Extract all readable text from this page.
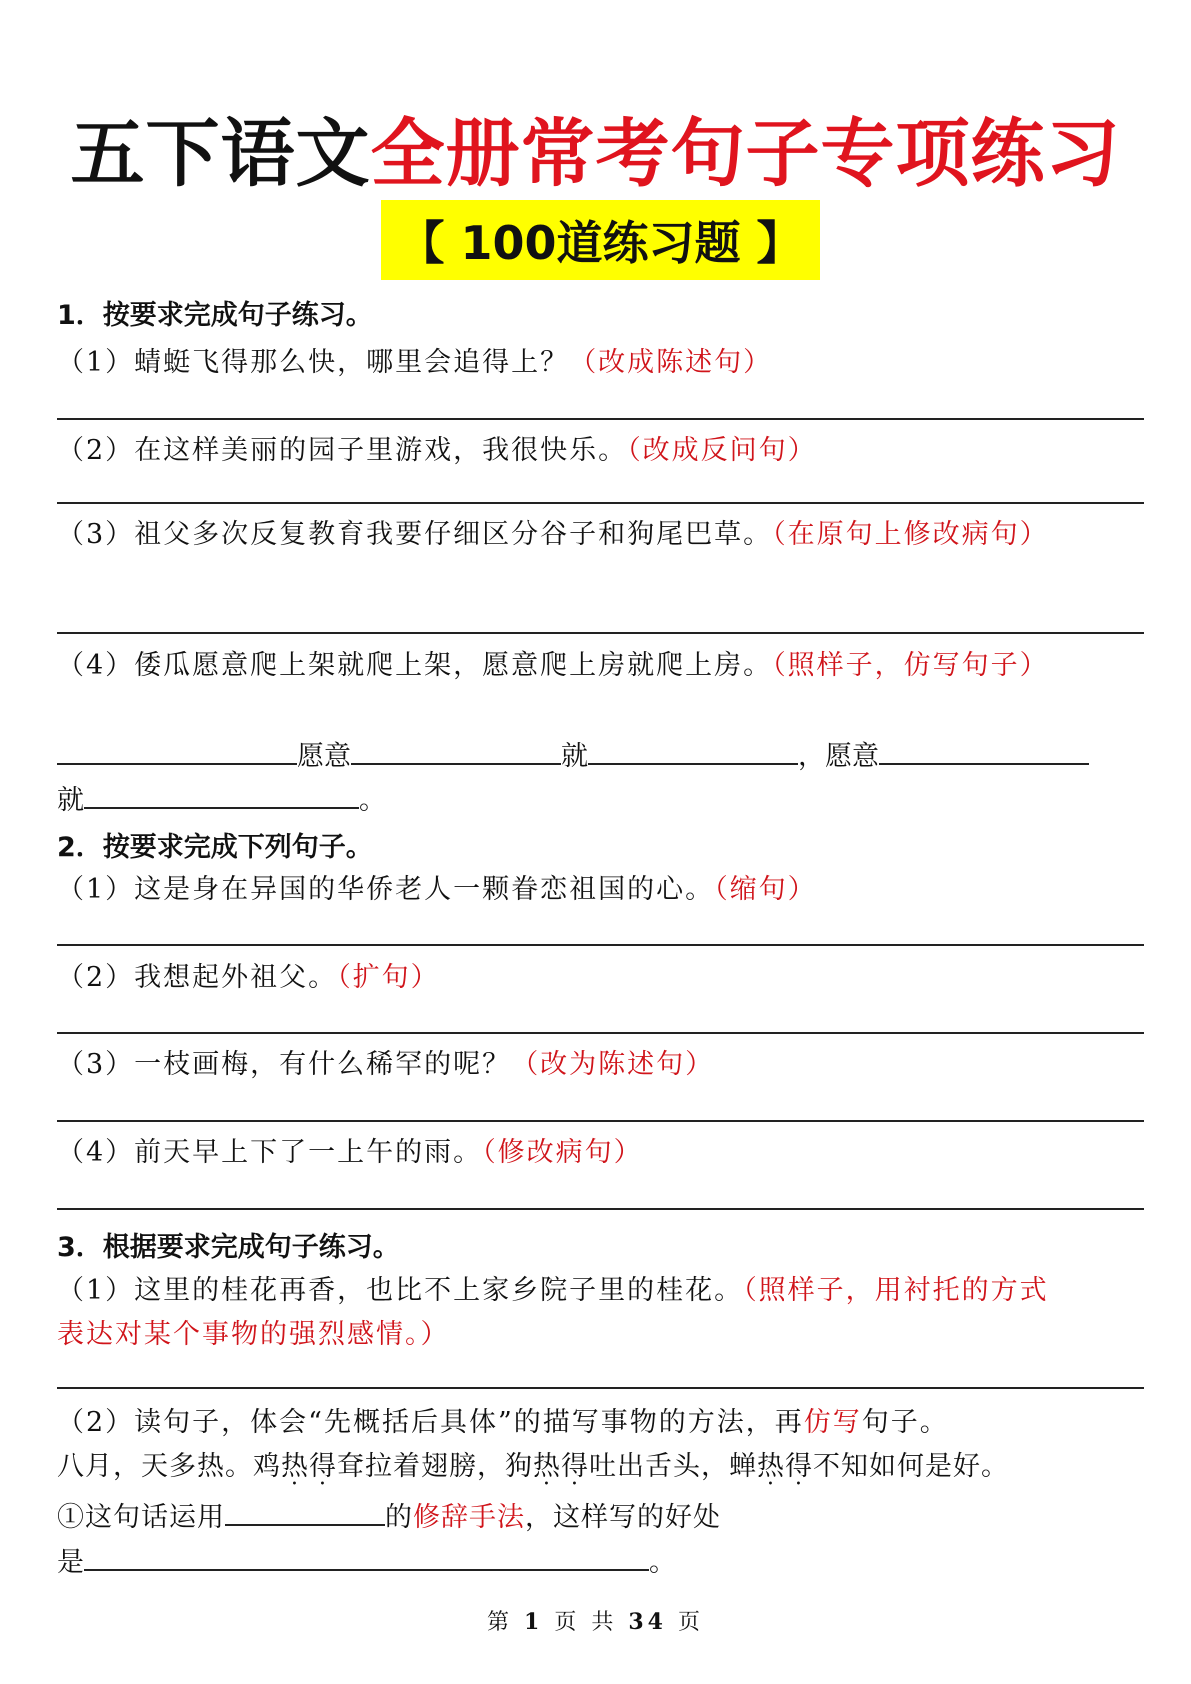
五下语文全册常考句子专项练习
【 100道练习题 】
1．按要求完成句子练习。
（1）蜻蜓飞得那么快，哪里会追得上？（改成陈述句）
（2）在这样美丽的园子里游戏，我很快乐。（改成反问句）
（3）祖父多次反复教育我要仔细区分谷子和狗尾巴草。（在原句上修改病句）
（4）倭瓜愿意爬上架就爬上架，愿意爬上房就爬上房。（照样子，仿写句子）
愿意	就	，愿意
就	。
2．按要求完成下列句子。
（1）这是身在异国的华侨老人一颗眷恋祖国的心。（缩句）
（2）我想起外祖父。（扩句）
（3）一枝画梅，有什么稀罕的呢？（改为陈述句）
（4）前天早上下了一上午的雨。（修改病句）
3．根据要求完成句子练习。
（1）这里的桂花再香，也比不上家乡院子里的桂花。（照样子，用衬托的方式
表达对某个事物的强烈感情。）
（2）读句子，体会“先概括后具体”的描写事物的方法，再仿写句子。
八月，天多热。鸡热得耷拉着翅膀，狗热得吐出舌头，蝉热得不知如何是好。
①这句话运用	的修辞手法，这样写的好处
是	。
第 1 页 共 34 页
